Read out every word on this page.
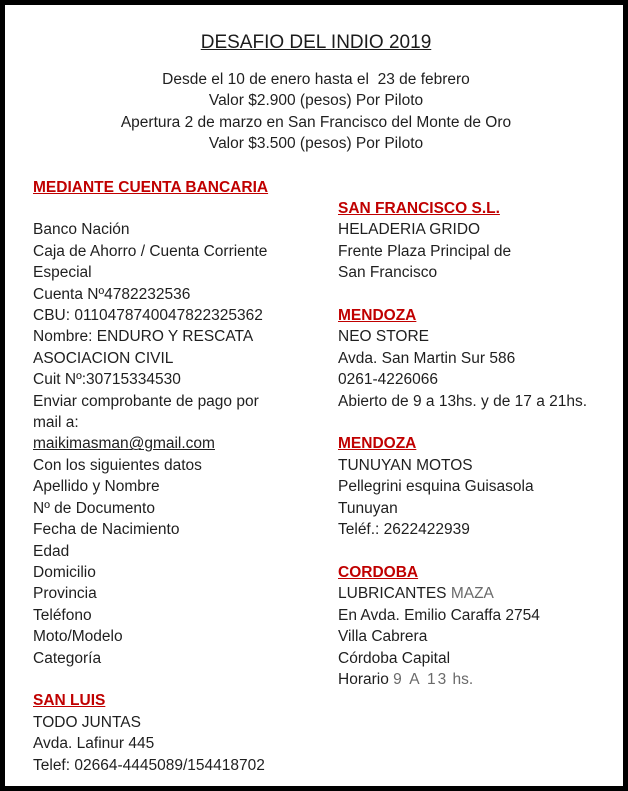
DESAFIO DEL INDIO 2019

Desde el 10 de enero hasta el  23 de febrero

Valor $2.900 (pesos) Por Piloto

Apertura 2 de marzo en San Francisco del Monte de Oro

Valor $3.500 (pesos) Por Piloto

MEDIANTE CUENTA BANCARIA

Banco Nación

Caja de Ahorro / Cuenta Corriente

Especial

Cuenta Nº4782232536

CBU: 0110478740047822325362

Nombre: ENDURO Y RESCATA

ASOCIACION CIVIL

Cuit Nº:30715334530

Enviar comprobante de pago por

mail a:

maikimasman@gmail.com

Con los siguientes datos

Apellido y Nombre

Nº de Documento

Fecha de Nacimiento

Edad

Domicilio

Provincia

Teléfono

Moto/Modelo

Categoría

SAN LUIS

TODO JUNTAS

Avda. Lafinur 445

Telef: 02664-4445089/154418702

SAN FRANCISCO S.L.

HELADERIA GRIDO

Frente Plaza Principal de

San Francisco

MENDOZA

NEO STORE

Avda. San Martin Sur 586

0261-4226066

Abierto de 9 a 13hs. y de 17 a 21hs.

MENDOZA

TUNUYAN MOTOS

Pellegrini esquina Guisasola

Tunuyan

Teléf.: 2622422939

CORDOBA

LUBRICANTES MAZA

En Avda. Emilio Caraffa 2754

Villa Cabrera

Córdoba Capital

Horario 9 A 13 hs.
